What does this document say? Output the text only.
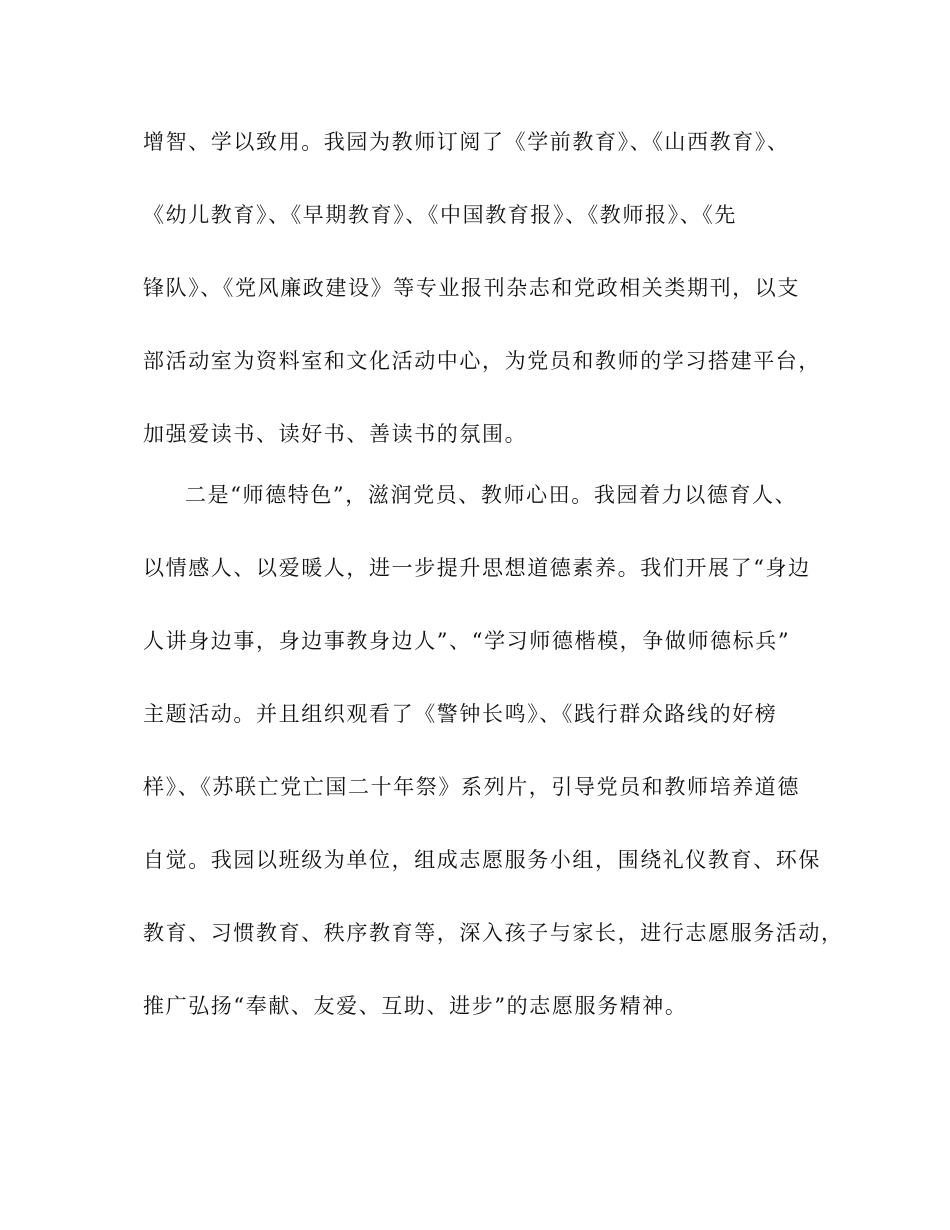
增智、学以致用。我园为教师订阅了《学前教育》、《山西教育》、
《幼儿教育》、《早期教育》、《中国教育报》、《教师报》、《先
锋队》、《党风廉政建设》等专业报刊杂志和党政相关类期刊，以支
部活动室为资料室和文化活动中心，为党员和教师的学习搭建平台，
加强爱读书、读好书、善读书的氛围。
二是“师德特色”，滋润党员、教师心田。我园着力以德育人、
以情感人、以爱暖人，进一步提升思想道德素养。我们开展了“身边
人讲身边事，身边事教身边人”、“学习师德楷模，争做师德标兵”
主题活动。并且组织观看了《警钟长鸣》、《践行群众路线的好榜
样》、《苏联亡党亡国二十年祭》系列片，引导党员和教师培养道德
自觉。我园以班级为单位，组成志愿服务小组，围绕礼仪教育、环保
教育、习惯教育、秩序教育等，深入孩子与家长，进行志愿服务活动，
推广弘扬“奉献、友爱、互助、进步”的志愿服务精神。
